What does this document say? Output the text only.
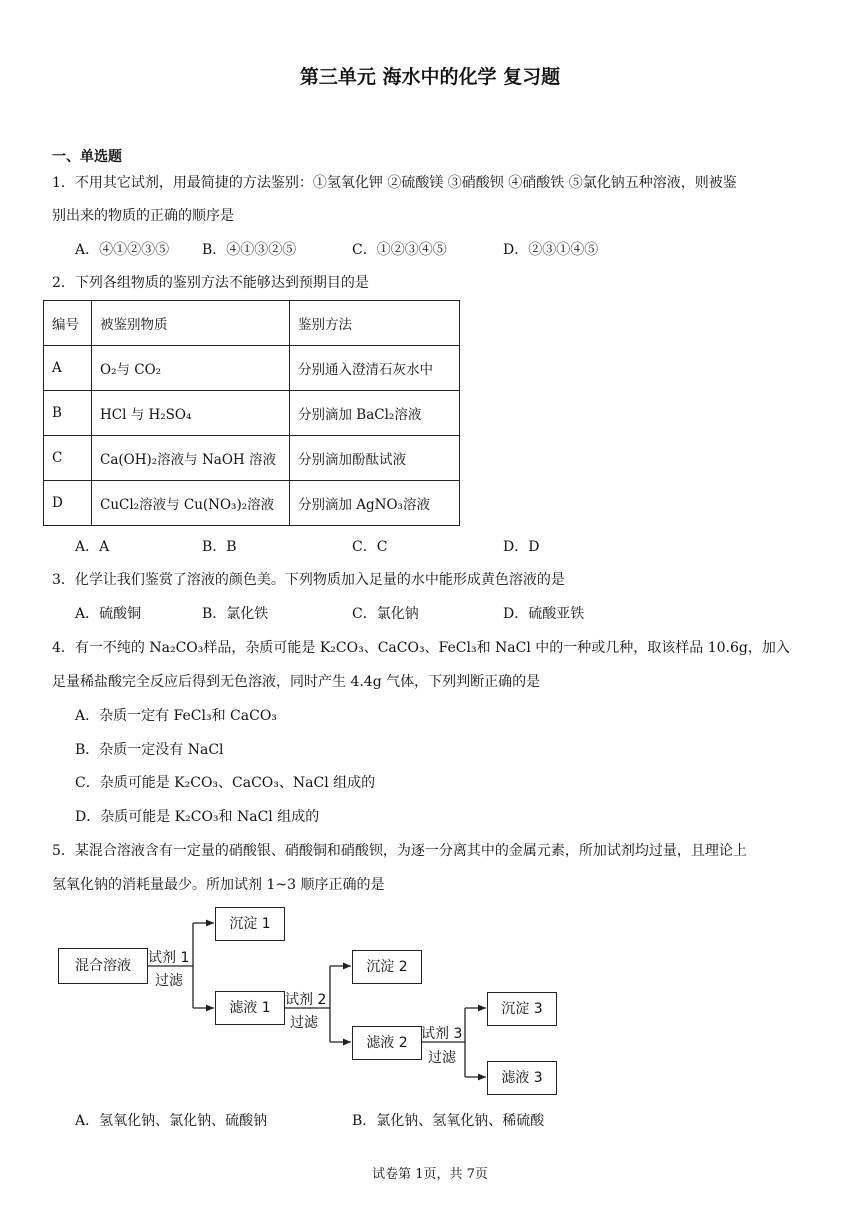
第三单元 海水中的化学 复习题
一、单选题
1．不用其它试剂，用最简捷的方法鉴别：①氢氧化钾 ②硫酸镁 ③硝酸钡 ④硝酸铁 ⑤氯化钠五种溶液，则被鉴
别出来的物质的正确的顺序是
A．④①②③⑤ B．④①③②⑤	C．①②③④⑤	D．②③①④⑤
2．下列各组物质的鉴别方法不能够达到预期目的是
编号	被鉴别物质	鉴别方法
A	O₂与 CO₂	分别通入澄清石灰水中
B	HCl 与 H₂SO₄	分别滴加 BaCl₂溶液
C	Ca(OH)₂溶液与 NaOH 溶液	分别滴加酚酞试液
D	CuCl₂溶液与 Cu(NO₃)₂溶液	分别滴加 AgNO₃溶液
A．A	B．B	C．C	D．D
3．化学让我们鉴赏了溶液的颜色美。下列物质加入足量的水中能形成黄色溶液的是
A．硫酸铜	B．氯化铁	C．氯化钠	D．硫酸亚铁
4．有一不纯的 Na₂CO₃样品，杂质可能是 K₂CO₃、CaCO₃、FeCl₃和 NaCl 中的一种或几种，取该样品 10.6g，加入
足量稀盐酸完全反应后得到无色溶液，同时产生 4.4g 气体，下列判断正确的是
A．杂质一定有 FeCl₃和 CaCO₃
B．杂质一定没有 NaCl
C．杂质可能是 K₂CO₃、CaCO₃、NaCl 组成的
D．杂质可能是 K₂CO₃和 NaCl 组成的
5．某混合溶液含有一定量的硝酸银、硝酸铜和硝酸钡，为逐一分离其中的金属元素，所加试剂均过量，且理论上
氢氧化钠的消耗量最少。所加试剂 1~3 顺序正确的是
混合溶液
沉淀 1
滤液 1
沉淀 2
滤液 2
沉淀 3
滤液 3
试剂 1
过滤
试剂 2
过滤
试剂 3
过滤
A．氢氧化钠、氯化钠、硫酸钠	B．氯化钠、氢氧化钠、稀硫酸
试卷第 1页，共 7页
